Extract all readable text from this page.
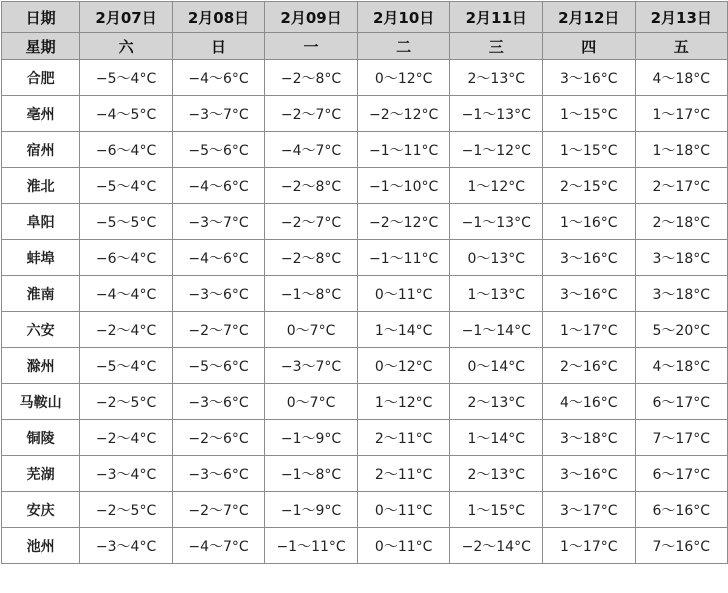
日期	2月07日	2月08日	2月09日	2月10日	2月11日	2月12日	2月13日
星期	六	日	一	二	三	四	五
合肥	−5～4°C	−4～6°C	−2～8°C	0～12°C	2～13°C	3～16°C	4～18°C
亳州	−4～5°C	−3～7°C	−2～7°C	−2～12°C	−1～13°C	1～15°C	1～17°C
宿州	−6～4°C	−5～6°C	−4～7°C	−1～11°C	−1～12°C	1～15°C	1～18°C
淮北	−5～4°C	−4～6°C	−2～8°C	−1～10°C	1～12°C	2～15°C	2～17°C
阜阳	−5～5°C	−3～7°C	−2～7°C	−2～12°C	−1～13°C	1～16°C	2～18°C
蚌埠	−6～4°C	−4～6°C	−2～8°C	−1～11°C	0～13°C	3～16°C	3～18°C
淮南	−4～4°C	−3～6°C	−1～8°C	0～11°C	1～13°C	3～16°C	3～18°C
六安	−2～4°C	−2～7°C	0～7°C	1～14°C	−1～14°C	1～17°C	5～20°C
滁州	−5～4°C	−5～6°C	−3～7°C	0～12°C	0～14°C	2～16°C	4～18°C
马鞍山	−2～5°C	−3～6°C	0～7°C	1～12°C	2～13°C	4～16°C	6～17°C
铜陵	−2～4°C	−2～6°C	−1～9°C	2～11°C	1～14°C	3～18°C	7～17°C
芜湖	−3～4°C	−3～6°C	−1～8°C	2～11°C	2～13°C	3～16°C	6～17°C
安庆	−2～5°C	−2～7°C	−1～9°C	0～11°C	1～15°C	3～17°C	6～16°C
池州	−3～4°C	−4～7°C	−1～11°C	0～11°C	−2～14°C	1～17°C	7～16°C
